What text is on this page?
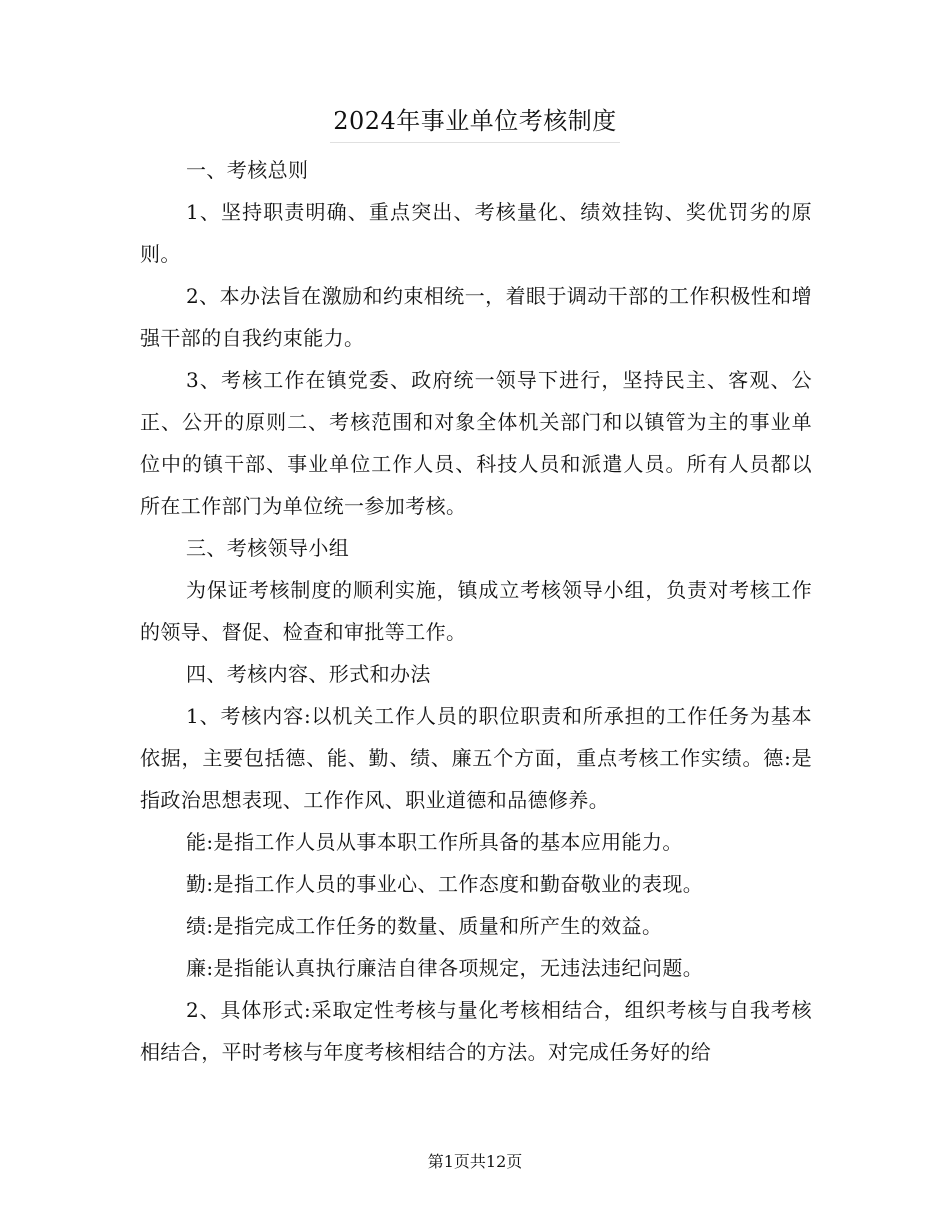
2024年事业单位考核制度

一、考核总则

1、坚持职责明确、重点突出、考核量化、绩效挂钩、奖优罚劣的原则。

2、本办法旨在激励和约束相统一，着眼于调动干部的工作积极性和增强干部的自我约束能力。

3、考核工作在镇党委、政府统一领导下进行，坚持民主、客观、公正、公开的原则二、考核范围和对象全体机关部门和以镇管为主的事业单位中的镇干部、事业单位工作人员、科技人员和派遣人员。所有人员都以所在工作部门为单位统一参加考核。

三、考核领导小组

为保证考核制度的顺利实施，镇成立考核领导小组，负责对考核工作的领导、督促、检查和审批等工作。

四、考核内容、形式和办法

1、考核内容:以机关工作人员的职位职责和所承担的工作任务为基本依据，主要包括德、能、勤、绩、廉五个方面，重点考核工作实绩。德:是指政治思想表现、工作作风、职业道德和品德修养。

能:是指工作人员从事本职工作所具备的基本应用能力。

勤:是指工作人员的事业心、工作态度和勤奋敬业的表现。

绩:是指完成工作任务的数量、质量和所产生的效益。

廉:是指能认真执行廉洁自律各项规定，无违法违纪问题。

2、具体形式:采取定性考核与量化考核相结合，组织考核与自我考核相结合，平时考核与年度考核相结合的方法。对完成任务好的给

第1页共12页
